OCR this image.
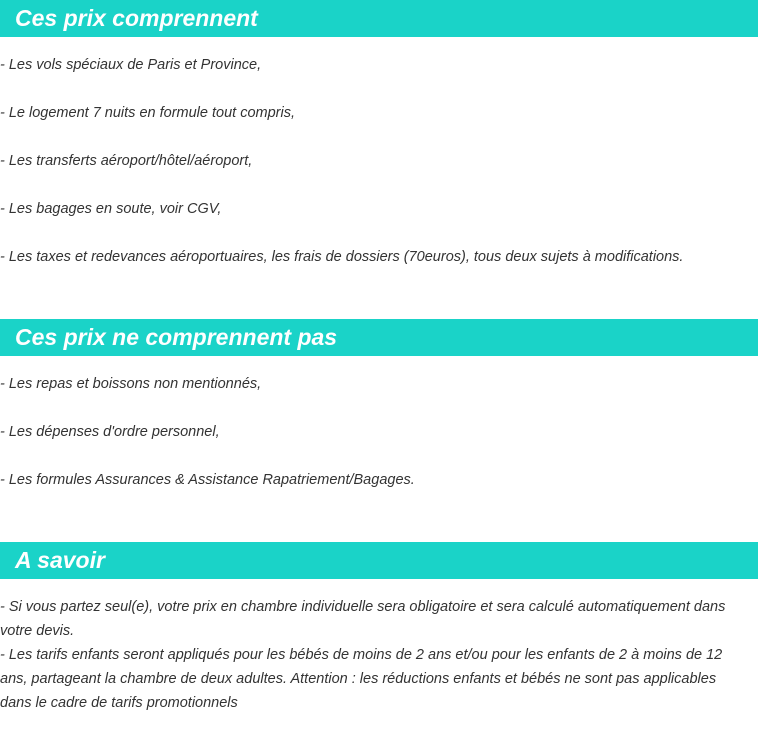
Ces prix comprennent
- Les vols spéciaux de Paris et Province,
- Le logement 7 nuits en formule tout compris,
- Les transferts aéroport/hôtel/aéroport,
- Les bagages en soute, voir CGV,
- Les taxes et redevances aéroportuaires, les frais de dossiers (70euros), tous deux sujets à modifications.
Ces prix ne comprennent pas
- Les repas et boissons non mentionnés,
- Les dépenses d'ordre personnel,
- Les formules Assurances & Assistance Rapatriement/Bagages.
A savoir
- Si vous partez seul(e), votre prix en chambre individuelle sera obligatoire et sera calculé automatiquement dans votre devis.
- Les tarifs enfants seront appliqués pour les bébés de moins de 2 ans et/ou pour les enfants de 2 à moins de 12 ans, partageant la chambre de deux adultes. Attention : les réductions enfants et bébés ne sont pas applicables dans le cadre de tarifs promotionnels
